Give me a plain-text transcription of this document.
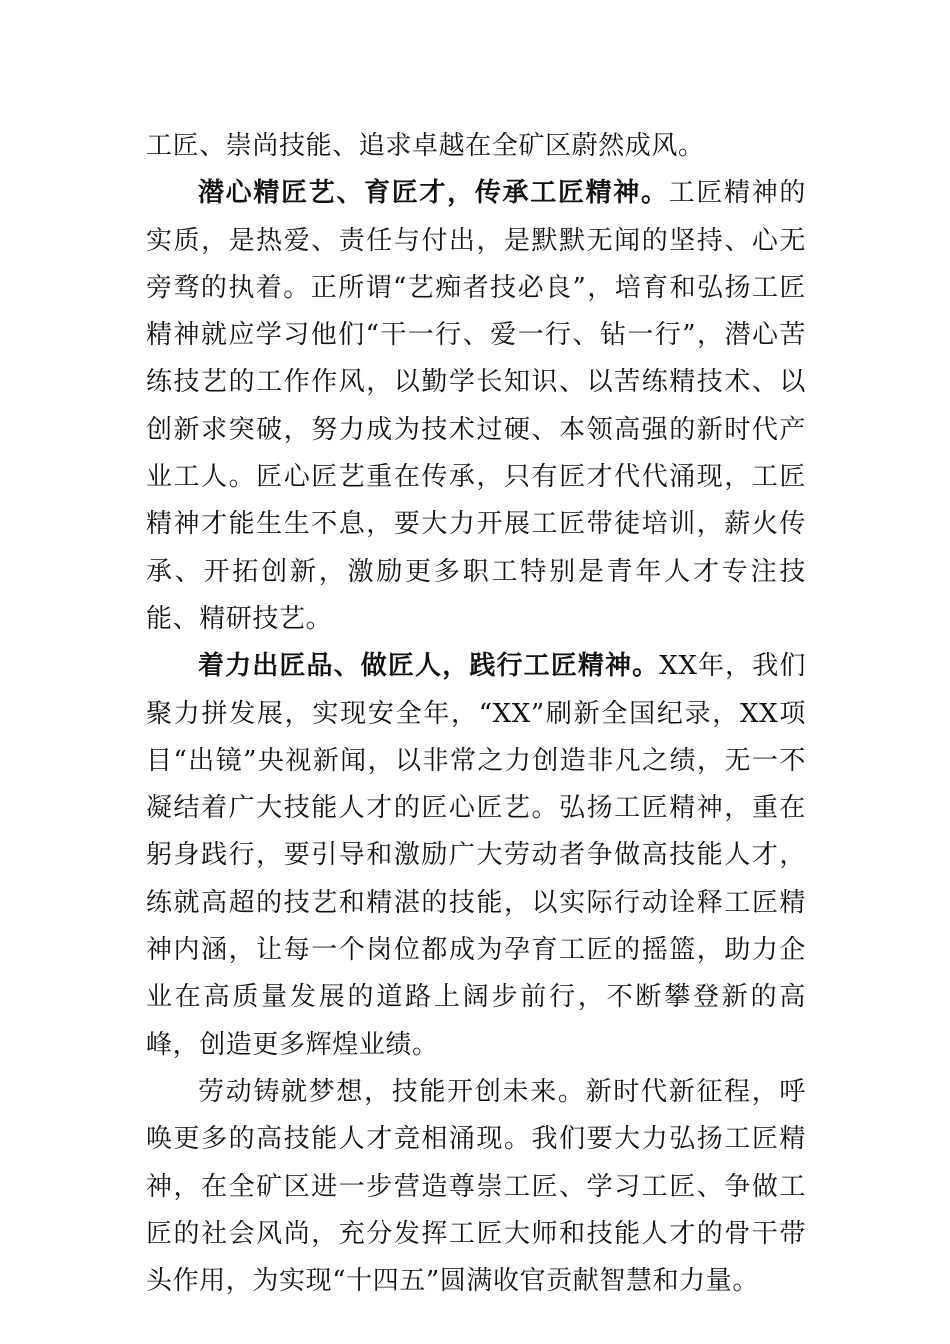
工匠、崇尚技能、追求卓越在全矿区蔚然成风。

潜心精匠艺、育匠才，传承工匠精神。工匠精神的实质，是热爱、责任与付出，是默默无闻的坚持、心无旁骛的执着。正所谓“艺痴者技必良”，培育和弘扬工匠精神就应学习他们“干一行、爱一行、钻一行”，潜心苦练技艺的工作作风，以勤学长知识、以苦练精技术、以创新求突破，努力成为技术过硬、本领高强的新时代产业工人。匠心匠艺重在传承，只有匠才代代涌现，工匠精神才能生生不息，要大力开展工匠带徒培训，薪火传承、开拓创新，激励更多职工特别是青年人才专注技能、精研技艺。

着力出匠品、做匠人，践行工匠精神。XX年，我们聚力拼发展，实现安全年，“XX”刷新全国纪录，XX项目“出镜”央视新闻，以非常之力创造非凡之绩，无一不凝结着广大技能人才的匠心匠艺。弘扬工匠精神，重在躬身践行，要引导和激励广大劳动者争做高技能人才，练就高超的技艺和精湛的技能，以实际行动诠释工匠精神内涵，让每一个岗位都成为孕育工匠的摇篮，助力企业在高质量发展的道路上阔步前行，不断攀登新的高峰，创造更多辉煌业绩。

劳动铸就梦想，技能开创未来。新时代新征程，呼唤更多的高技能人才竞相涌现。我们要大力弘扬工匠精神，在全矿区进一步营造尊崇工匠、学习工匠、争做工匠的社会风尚，充分发挥工匠大师和技能人才的骨干带头作用，为实现“十四五”圆满收官贡献智慧和力量。
